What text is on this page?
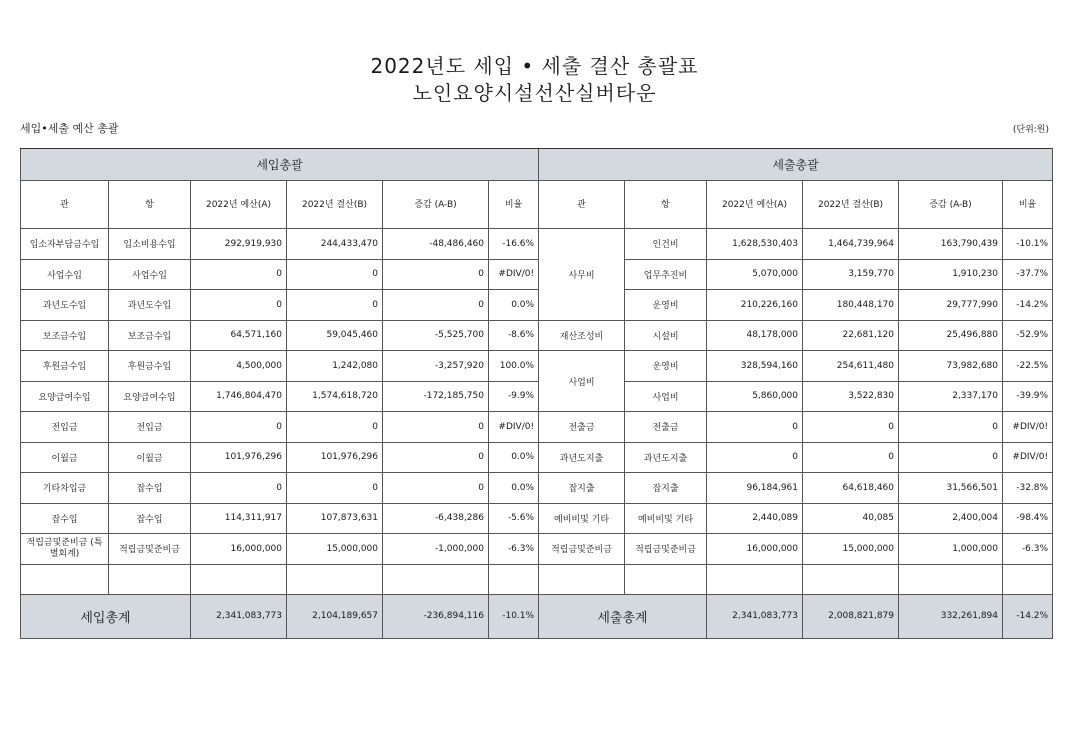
2022년도 세입 • 세출 결산 총괄표
노인요양시설선산실버타운
세입•세출 예산 총괄	(단위:원)
세입총괄					
관	항	2022년 예산(A)	2022년 결산(B)	증감 (A-B)	비율
입소자부담금수입	입소비용수입	292,919,930	244,433,470	-48,486,460	-16.6%
사업수입	사업수입	0	0	0	#DIV/0!
과년도수입	과년도수입	0	0	0	0.0%
보조금수입	보조금수입	64,571,160	59,045,460	-5,525,700	-8.6%
후원금수입	후원금수입	4,500,000	1,242,080	-3,257,920	100.0%
요양급여수입	요양급여수입	1,746,804,470	1,574,618,720	-172,185,750	-9.9%
전입금	전입금	0	0	0	#DIV/0!
이월금	이월금	101,976,296	101,976,296	0	0.0%
기타차입금	잡수입	0	0	0	0.0%
잡수입	잡수입	114,311,917	107,873,631	-6,438,286	-5.6%
적립금및준비금 (특별회계)	적립금및준비금	16,000,000	15,000,000	-1,000,000	-6.3%

세입총계		2,341,083,773	2,104,189,657	-236,894,116	-10.1%
세출총괄					
관	항	2022년 예산(A)	2022년 결산(B)	증감 (A-B)	비율
사무비	인건비	1,628,530,403	1,464,739,964	163,790,439	-10.1%
	업무추진비	5,070,000	3,159,770	1,910,230	-37.7%
	운영비	210,226,160	180,448,170	29,777,990	-14.2%
재산조성비	시설비	48,178,000	22,681,120	25,496,880	-52.9%
사업비	운영비	328,594,160	254,611,480	73,982,680	-22.5%
	사업비	5,860,000	3,522,830	2,337,170	-39.9%
전출금	전출금	0	0	0	#DIV/0!
과년도지출	과년도지출	0	0	0	#DIV/0!
잡지출	잡지출	96,184,961	64,618,460	31,566,501	-32.8%
예비비및 기타	예비비및 기타	2,440,089	40,085	2,400,004	-98.4%
적립금및준비금	적립금및준비금	16,000,000	15,000,000	1,000,000	-6.3%

세출총계		2,341,083,773	2,008,821,879	332,261,894	-14.2%
